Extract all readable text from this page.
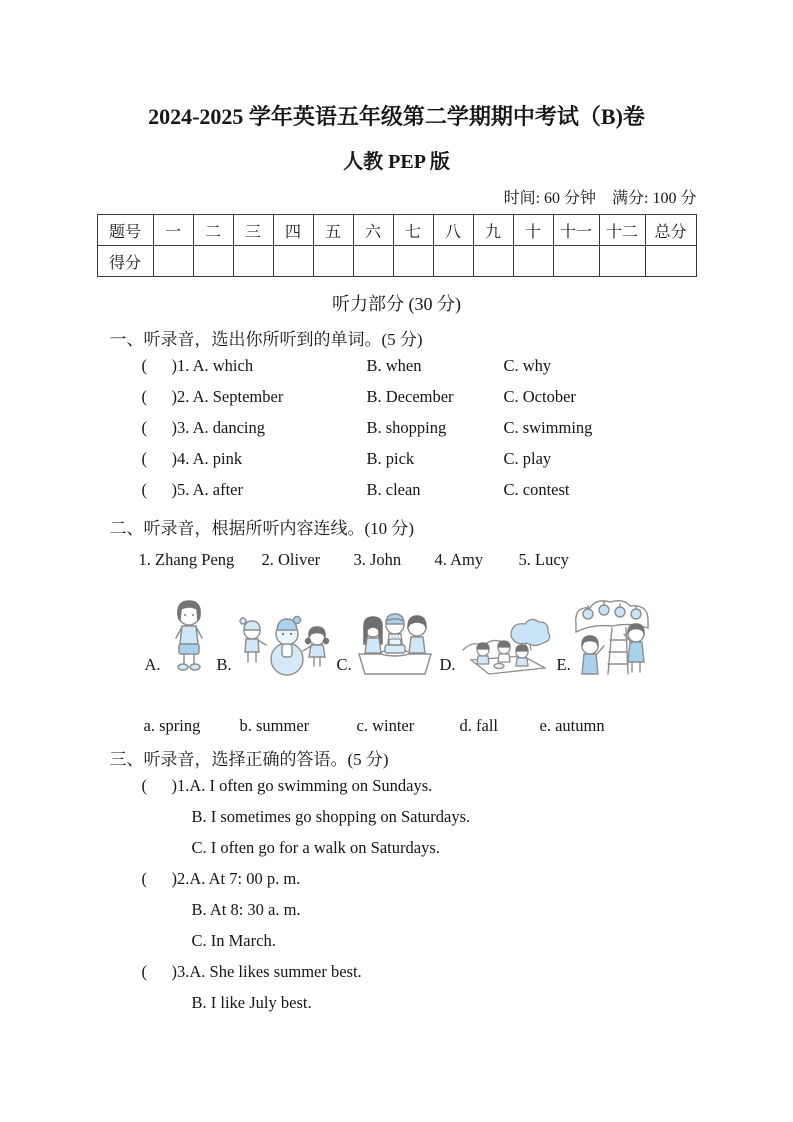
2024-2025 学年英语五年级第二学期期中考试（B)卷
人教 PEP 版
时间: 60 分钟　满分: 100 分
题号	一	二	三	四	五	六	七	八	九	十	十一	十二	总分
得分													
听力部分 (30 分)
一、听录音，选出你所听到的单词。(5 分)
(	)1. A. which	B. when	C. why
(	)2. A. September	B. December	C. October
(	)3. A. dancing	B. shopping	C. swimming
(	)4. A. pink	B. pick	C. play
(	)5. A. after	B. clean	C. contest
二、听录音，根据所听内容连线。(10 分)
1. Zhang Peng	2. Oliver	3. John	4. Amy	5. Lucy
A.	B.	C.	D.	E.
a. spring	b. summer	c. winter	d. fall	e. autumn
三、听录音，选择正确的答语。(5 分)
( )1.A. I often go swimming on Sundays.
B. I sometimes go shopping on Saturdays.
C. I often go for a walk on Saturdays.
( )2.A. At 7: 00 p. m.
B. At 8: 30 a. m.
C. In March.
( )3.A. She likes summer best.
B. I like July best.
